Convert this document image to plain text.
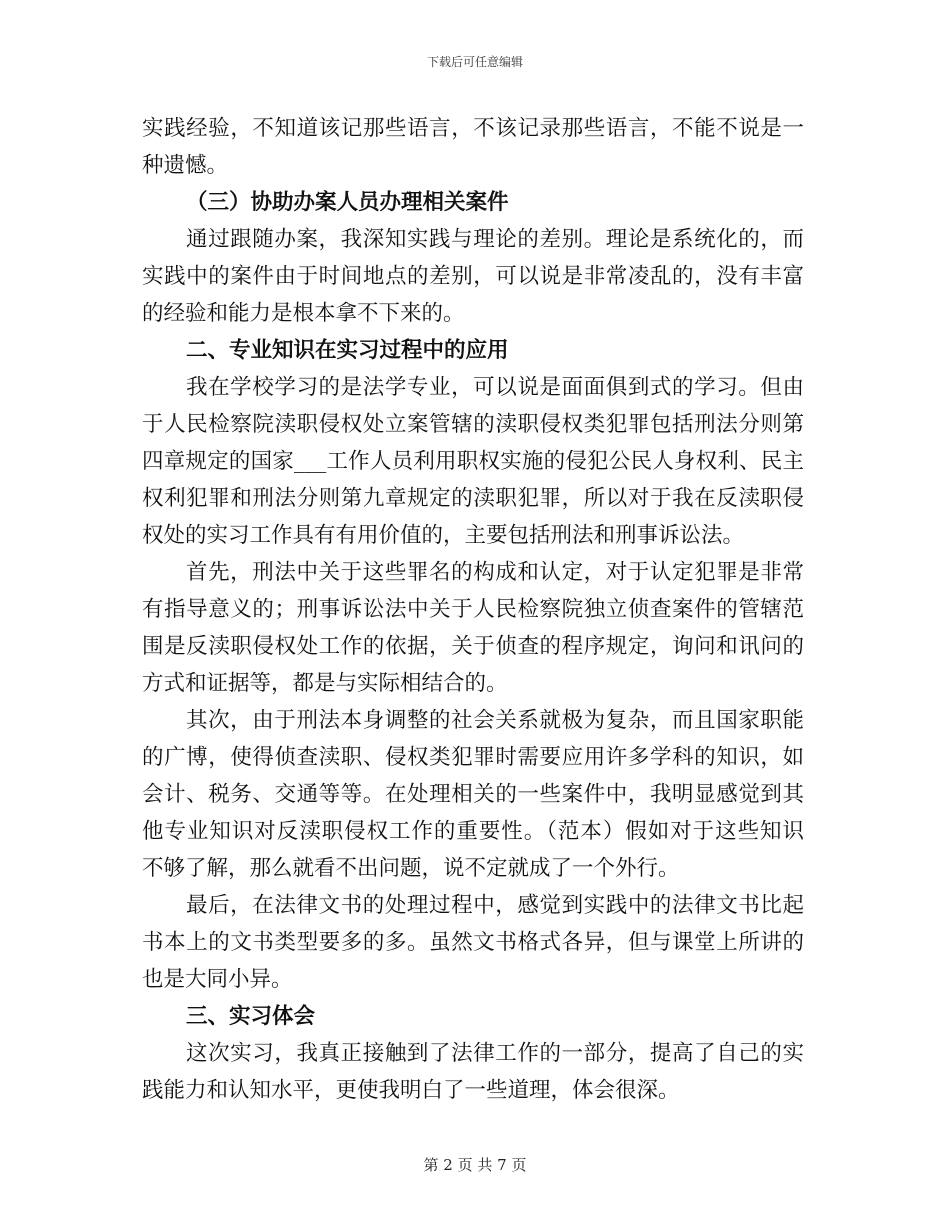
下载后可任意编辑
实践经验，不知道该记那些语言，不该记录那些语言，不能不说是一
种遗憾。
（三）协助办案人员办理相关案件
通过跟随办案，我深知实践与理论的差别。理论是系统化的，而
实践中的案件由于时间地点的差别，可以说是非常凌乱的，没有丰富
的经验和能力是根本拿不下来的。
二、专业知识在实习过程中的应用
我在学校学习的是法学专业，可以说是面面俱到式的学习。但由
于人民检察院渎职侵权处立案管辖的渎职侵权类犯罪包括刑法分则第
四章规定的国家___工作人员利用职权实施的侵犯公民人身权利、民主
权利犯罪和刑法分则第九章规定的渎职犯罪，所以对于我在反渎职侵
权处的实习工作具有有用价值的，主要包括刑法和刑事诉讼法。
首先，刑法中关于这些罪名的构成和认定，对于认定犯罪是非常
有指导意义的；刑事诉讼法中关于人民检察院独立侦查案件的管辖范
围是反渎职侵权处工作的依据，关于侦查的程序规定，询问和讯问的
方式和证据等，都是与实际相结合的。
其次，由于刑法本身调整的社会关系就极为复杂，而且国家职能
的广博，使得侦查渎职、侵权类犯罪时需要应用许多学科的知识，如
会计、税务、交通等等。在处理相关的一些案件中，我明显感觉到其
他专业知识对反渎职侵权工作的重要性。（范本）假如对于这些知识
不够了解，那么就看不出问题，说不定就成了一个外行。
最后，在法律文书的处理过程中，感觉到实践中的法律文书比起
书本上的文书类型要多的多。虽然文书格式各异，但与课堂上所讲的
也是大同小异。
三、实习体会
这次实习，我真正接触到了法律工作的一部分，提高了自己的实
践能力和认知水平，更使我明白了一些道理，体会很深。
第 2 页 共 7 页
